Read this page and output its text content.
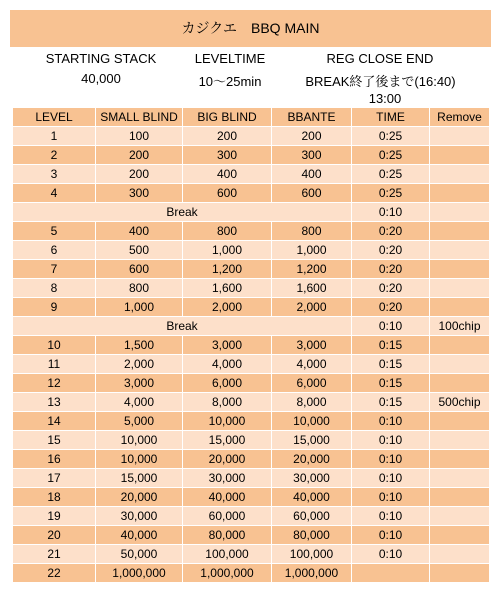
カジクエ　BBQ MAIN
STARTING STACK
40,000
LEVELTIME
10～25min
REG CLOSE END
BREAK終了後まで(16:40)
13:00
LEVEL	SMALL BLIND	BIG BLIND	BBANTE	TIME	Remove
1	100	200	200	0:25	
2	200	300	300	0:25	
3	200	400	400	0:25	
4	300	600	600	0:25	
Break				0:10	
5	400	800	800	0:20	
6	500	1,000	1,000	0:20	
7	600	1,200	1,200	0:20	
8	800	1,600	1,600	0:20	
9	1,000	2,000	2,000	0:20	
Break				0:10	100chip
10	1,500	3,000	3,000	0:15	
11	2,000	4,000	4,000	0:15	
12	3,000	6,000	6,000	0:15	
13	4,000	8,000	8,000	0:15	500chip
14	5,000	10,000	10,000	0:10	
15	10,000	15,000	15,000	0:10	
16	10,000	20,000	20,000	0:10	
17	15,000	30,000	30,000	0:10	
18	20,000	40,000	40,000	0:10	
19	30,000	60,000	60,000	0:10	
20	40,000	80,000	80,000	0:10	
21	50,000	100,000	100,000	0:10	
22	1,000,000	1,000,000	1,000,000		
